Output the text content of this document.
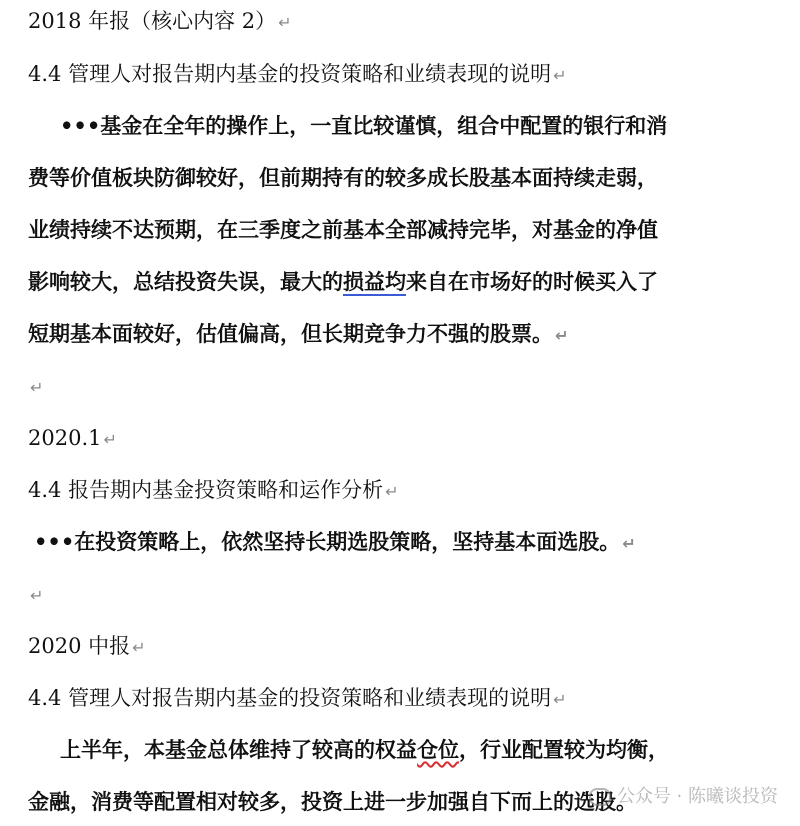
2018 年报（核心内容 2） ↵
4.4 管理人对报告期内基金的投资策略和业绩表现的说明 ↵
•••基金在全年的操作上，一直比较谨慎，组合中配置的银行和消
费等价值板块防御较好，但前期持有的较多成长股基本面持续走弱，
业绩持续不达预期，在三季度之前基本全部减持完毕，对基金的净值
影响较大，总结投资失误，最大的损益均来自在市场好的时候买入了
短期基本面较好，估值偏高，但长期竞争力不强的股票。 ↵
↵
2020.1 ↵
4.4 报告期内基金投资策略和运作分析 ↵
•••在投资策略上，依然坚持长期选股策略，坚持基本面选股。 ↵
↵
2020 中报 ↵
4.4 管理人对报告期内基金的投资策略和业绩表现的说明 ↵
上半年，本基金总体维持了较高的权益仓位，行业配置较为均衡，
金融，消费等配置相对较多，投资上进一步加强自下而上的选股。
公众号 · 陈曦谈投资
